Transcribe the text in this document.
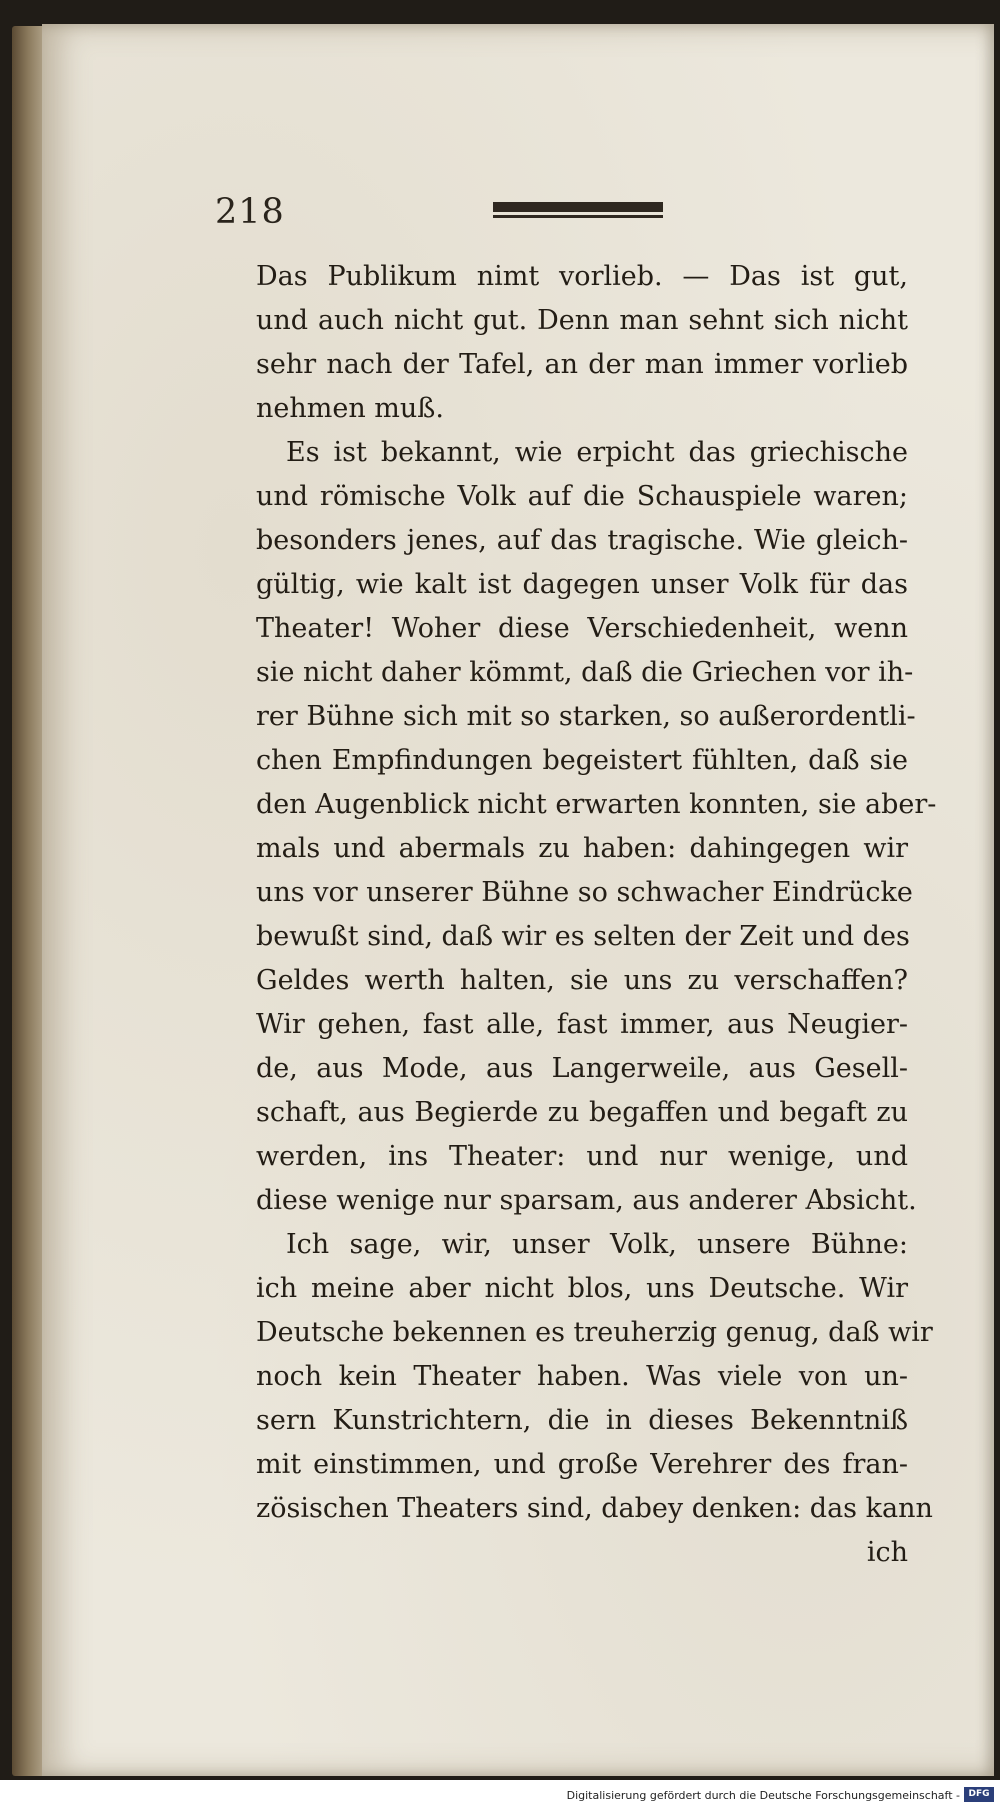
218
Das Publikum nimt vorlieb. — Das ist gut,
und auch nicht gut. Denn man sehnt sich nicht
sehr nach der Tafel, an der man immer vorlieb
nehmen muß.
Es ist bekannt, wie erpicht das griechische
und römische Volk auf die Schauspiele waren;
besonders jenes, auf das tragische. Wie gleich-
gültig, wie kalt ist dagegen unser Volk für das
Theater! Woher diese Verschiedenheit, wenn
sie nicht daher kömmt, daß die Griechen vor ih-
rer Bühne sich mit so starken, so außerordentli-
chen Empfindungen begeistert fühlten, daß sie
den Augenblick nicht erwarten konnten, sie aber-
mals und abermals zu haben: dahingegen wir
uns vor unserer Bühne so schwacher Eindrücke
bewußt sind, daß wir es selten der Zeit und des
Geldes werth halten, sie uns zu verschaffen?
Wir gehen, fast alle, fast immer, aus Neugier-
de, aus Mode, aus Langerweile, aus Gesell-
schaft, aus Begierde zu begaffen und begaft zu
werden, ins Theater: und nur wenige, und
diese wenige nur sparsam, aus anderer Absicht.
Ich sage, wir, unser Volk, unsere Bühne:
ich meine aber nicht blos, uns Deutsche. Wir
Deutsche bekennen es treuherzig genug, daß wir
noch kein Theater haben. Was viele von un-
sern Kunstrichtern, die in dieses Bekenntniß
mit einstimmen, und große Verehrer des fran-
zösischen Theaters sind, dabey denken: das kann
ich
Digitalisierung gefördert durch die Deutsche Forschungsgemeinschaft - DFG
